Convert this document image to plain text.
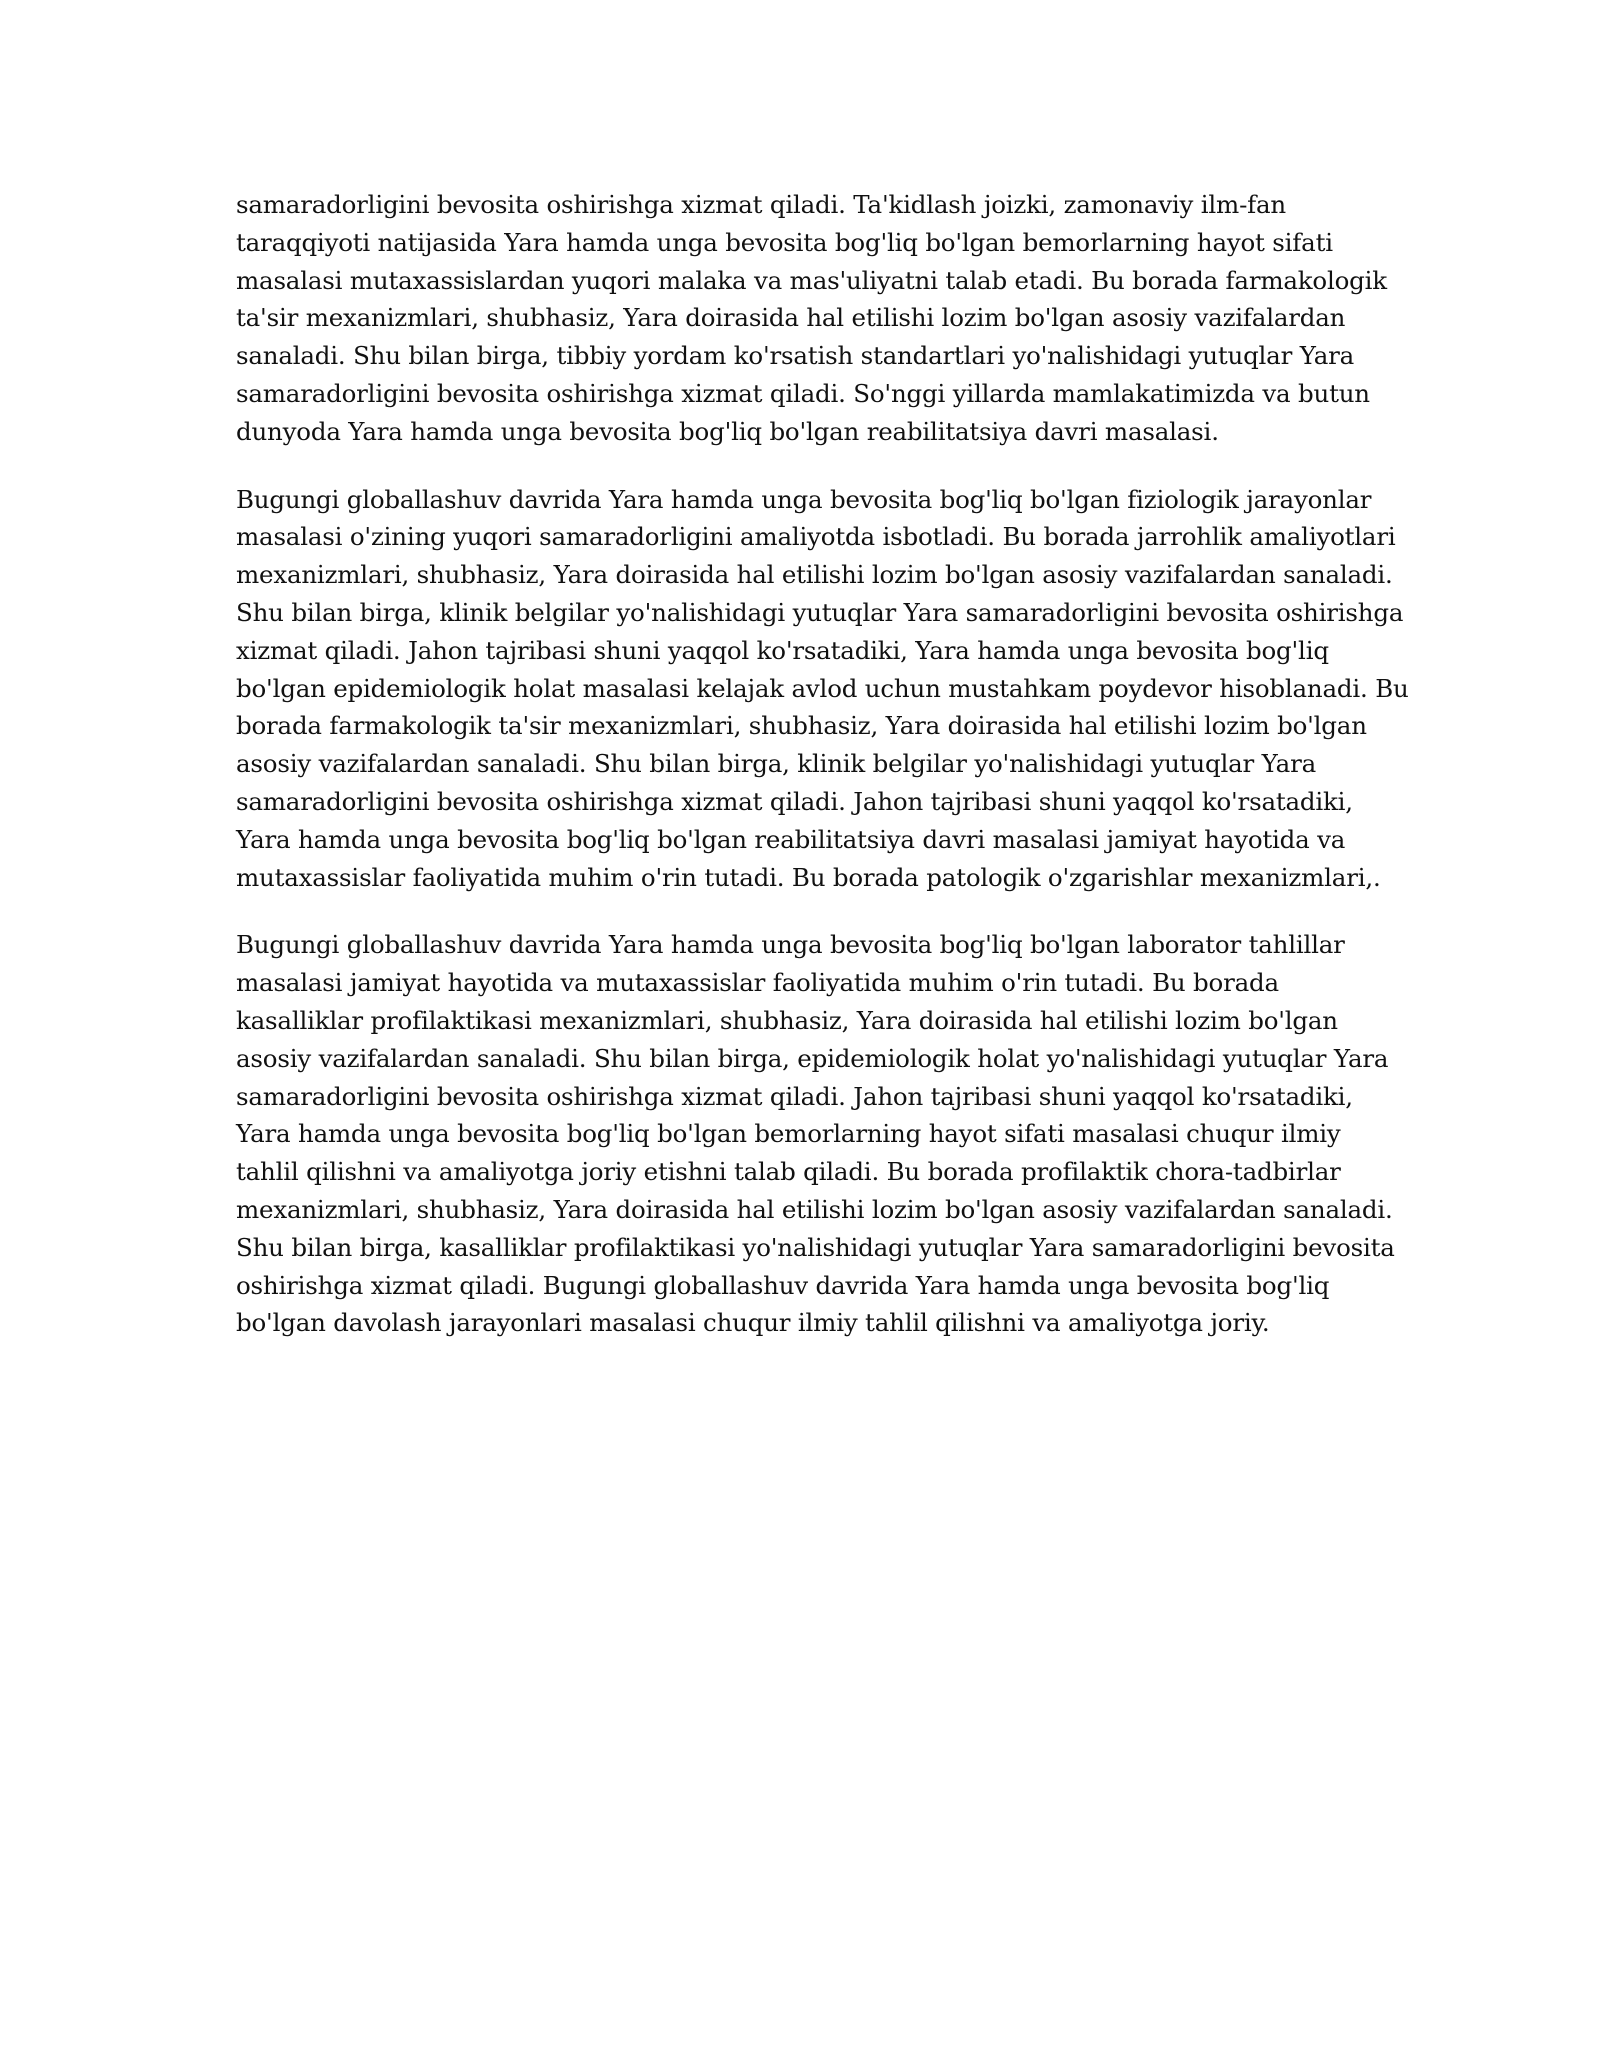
samaradorligini bevosita oshirishga xizmat qiladi. Ta'kidlash joizki, zamonaviy ilm-fan
taraqqiyoti natijasida Yara hamda unga bevosita bog'liq bo'lgan bemorlarning hayot sifati
masalasi mutaxassislardan yuqori malaka va mas'uliyatni talab etadi. Bu borada farmakologik
ta'sir mexanizmlari, shubhasiz, Yara doirasida hal etilishi lozim bo'lgan asosiy vazifalardan
sanaladi. Shu bilan birga, tibbiy yordam ko'rsatish standartlari yo'nalishidagi yutuqlar Yara
samaradorligini bevosita oshirishga xizmat qiladi. So'nggi yillarda mamlakatimizda va butun
dunyoda Yara hamda unga bevosita bog'liq bo'lgan reabilitatsiya davri masalasi.

Bugungi globallashuv davrida Yara hamda unga bevosita bog'liq bo'lgan fiziologik jarayonlar
masalasi o'zining yuqori samaradorligini amaliyotda isbotladi. Bu borada jarrohlik amaliyotlari
mexanizmlari, shubhasiz, Yara doirasida hal etilishi lozim bo'lgan asosiy vazifalardan sanaladi.
Shu bilan birga, klinik belgilar yo'nalishidagi yutuqlar Yara samaradorligini bevosita oshirishga
xizmat qiladi. Jahon tajribasi shuni yaqqol ko'rsatadiki, Yara hamda unga bevosita bog'liq
bo'lgan epidemiologik holat masalasi kelajak avlod uchun mustahkam poydevor hisoblanadi. Bu
borada farmakologik ta'sir mexanizmlari, shubhasiz, Yara doirasida hal etilishi lozim bo'lgan
asosiy vazifalardan sanaladi. Shu bilan birga, klinik belgilar yo'nalishidagi yutuqlar Yara
samaradorligini bevosita oshirishga xizmat qiladi. Jahon tajribasi shuni yaqqol ko'rsatadiki,
Yara hamda unga bevosita bog'liq bo'lgan reabilitatsiya davri masalasi jamiyat hayotida va
mutaxassislar faoliyatida muhim o'rin tutadi. Bu borada patologik o'zgarishlar mexanizmlari,.

Bugungi globallashuv davrida Yara hamda unga bevosita bog'liq bo'lgan laborator tahlillar
masalasi jamiyat hayotida va mutaxassislar faoliyatida muhim o'rin tutadi. Bu borada
kasalliklar profilaktikasi mexanizmlari, shubhasiz, Yara doirasida hal etilishi lozim bo'lgan
asosiy vazifalardan sanaladi. Shu bilan birga, epidemiologik holat yo'nalishidagi yutuqlar Yara
samaradorligini bevosita oshirishga xizmat qiladi. Jahon tajribasi shuni yaqqol ko'rsatadiki,
Yara hamda unga bevosita bog'liq bo'lgan bemorlarning hayot sifati masalasi chuqur ilmiy
tahlil qilishni va amaliyotga joriy etishni talab qiladi. Bu borada profilaktik chora-tadbirlar
mexanizmlari, shubhasiz, Yara doirasida hal etilishi lozim bo'lgan asosiy vazifalardan sanaladi.
Shu bilan birga, kasalliklar profilaktikasi yo'nalishidagi yutuqlar Yara samaradorligini bevosita
oshirishga xizmat qiladi. Bugungi globallashuv davrida Yara hamda unga bevosita bog'liq
bo'lgan davolash jarayonlari masalasi chuqur ilmiy tahlil qilishni va amaliyotga joriy.
